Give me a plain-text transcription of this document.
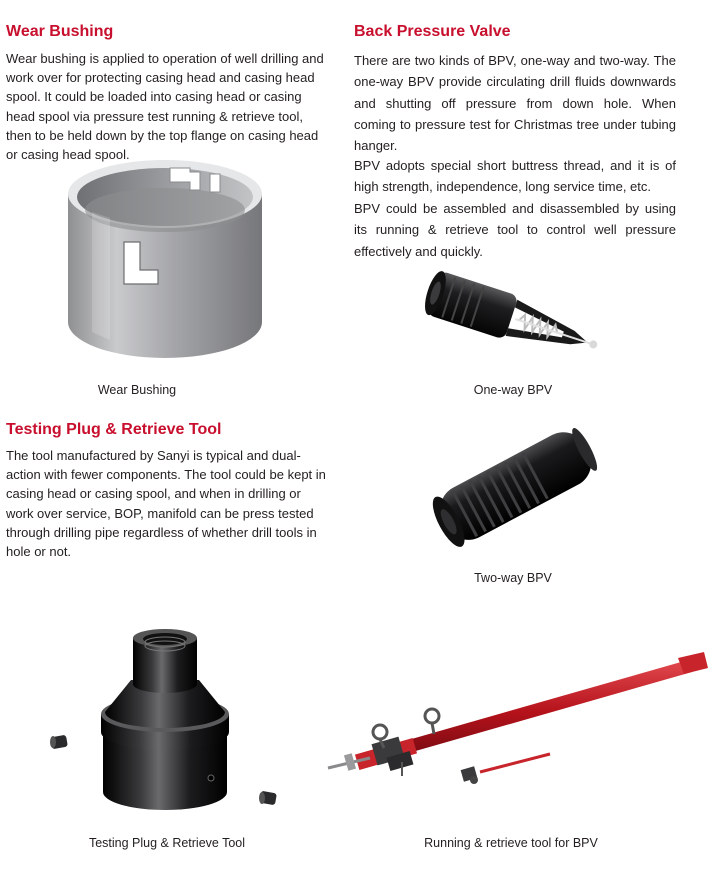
Wear Bushing

Wear bushing is applied to operation of well drilling and work over for protecting casing head and casing head spool. It could be loaded into casing head or casing head spool via pressure test running & retrieve tool, then to be held down by the top flange on casing head or casing head spool.

Wear Bushing
Back Pressure Valve

There are two kinds of BPV, one-way and two-way. The one-way BPV provide circulating drill fluids downwards and shutting off pressure from down hole. When coming to pressure test for Christmas tree under tubing hanger.

BPV adopts special short buttress thread, and it is of high strength, independence, long service time, etc.

BPV could be assembled and disassembled by using its running & retrieve tool to control well pressure effectively and quickly.

One-way BPV
Two-way BPV
Testing Plug & Retrieve Tool

The tool manufactured by Sanyi is typical and dual-action with fewer components. The tool could be kept in casing head or casing spool, and when in drilling or work over service, BOP, manifold can be press tested through drilling pipe regardless of whether drill tools in hole or not.

Testing Plug & Retrieve Tool	Running & retrieve tool for BPV
